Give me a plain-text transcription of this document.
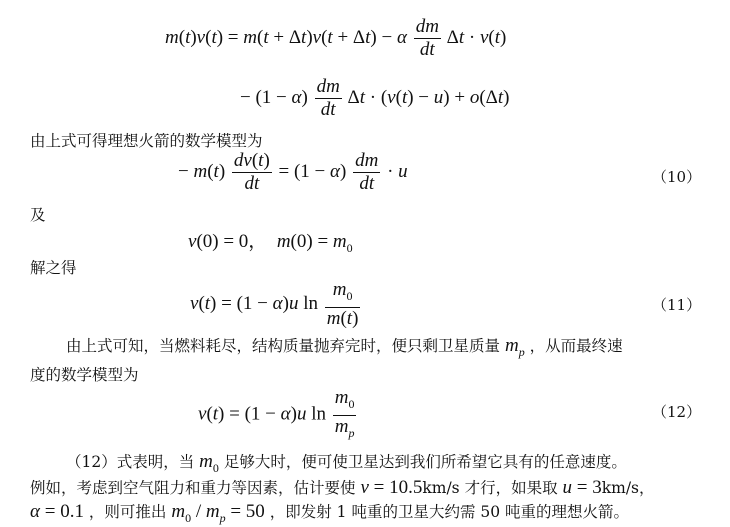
m(t)v(t) = m(t + Δt)v(t + Δt) − α $\frac{dm}{dt}$ Δt · v(t)
− $(1 - \alpha) \frac{dm}{dt}$ Δt · (v(t) − u) + o(Δt)
由上式可得理想火箭的数学模型为
− $m(t) \frac{dv(t)}{dt} = (1 - \alpha) \frac{dm}{dt} \cdot u$	（10）
及
v(0) = 0，  $m(0) = m_0$
解之得
v(t) = (1 − α)u $\ln \frac{m_0}{m(t)}$	（11）
由上式可知，当燃料耗尽，结构质量抛弃完时，便只剩卫星质量 $m_p$ ，从而最终速
度的数学模型为
v(t) = (1 − α)u $\ln \frac{m_0}{m_p}$	（12）
（12）式表明，当 $m_0$ 足够大时，便可使卫星达到我们所希望它具有的任意速度。
例如，考虑到空气阻力和重力等因素，估计要使 v = 10.5km/s 才行，如果取 u = 3km/s，
α = 0.1 ，则可推出 $m_0 / m_p = 50$ ，即发射 1 吨重的卫星大约需 50 吨重的理想火箭。
